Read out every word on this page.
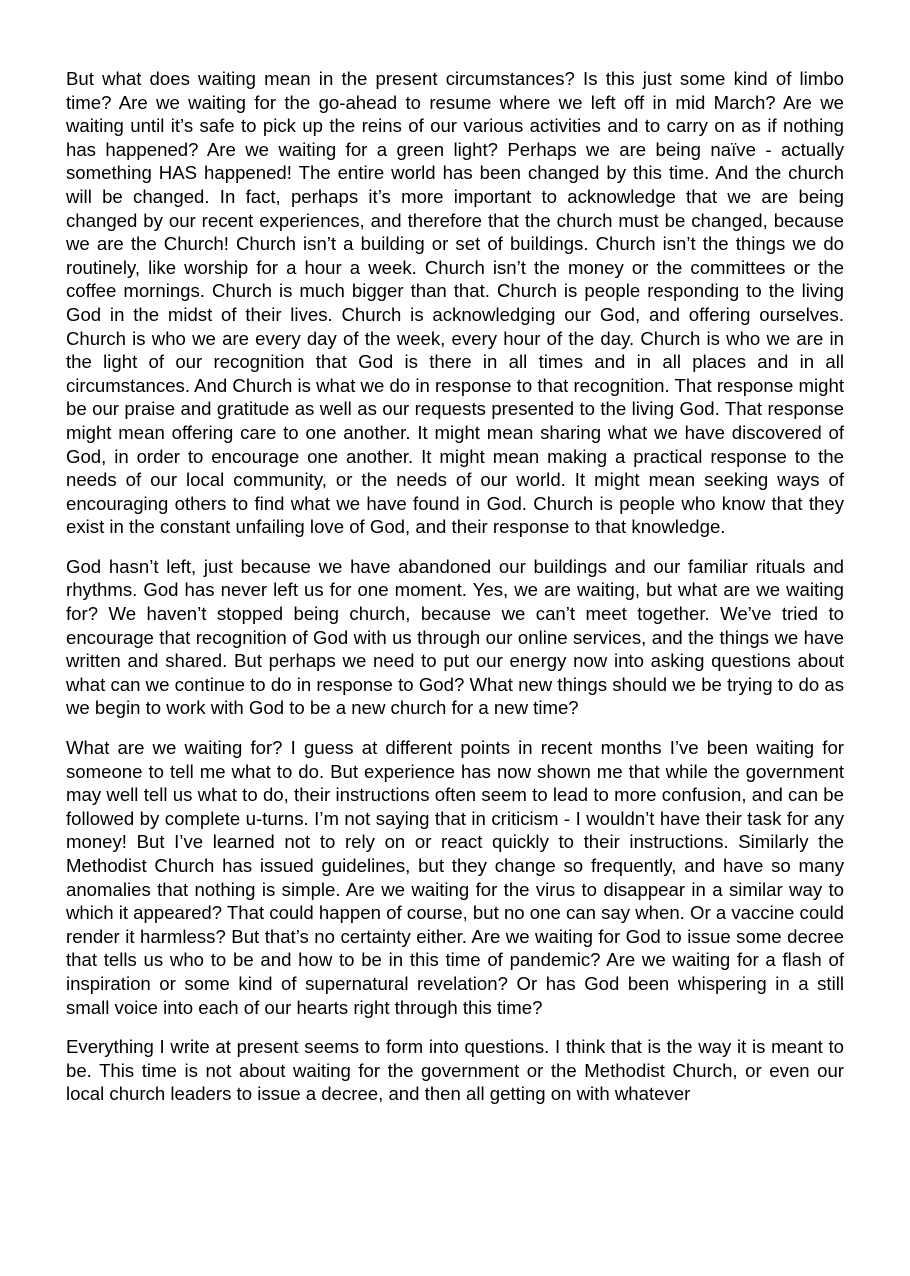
But what does waiting mean in the present circumstances? Is this just some kind of limbo time? Are we waiting for the go-ahead to resume where we left off in mid March? Are we waiting until it’s safe to pick up the reins of our various activities and to carry on as if nothing has happened? Are we waiting for a green light? Perhaps we are being naïve - actually something HAS happened! The entire world has been changed by this time. And the church will be changed. In fact, perhaps it’s more important to acknowledge that we are being changed by our recent experiences, and therefore that the church must be changed, because we are the Church! Church isn’t a building or set of buildings. Church isn’t the things we do routinely, like worship for a hour a week. Church isn’t the money or the committees or the coffee mornings. Church is much bigger than that. Church is people responding to the living God in the midst of their lives. Church is acknowledging our God, and offering ourselves. Church is who we are every day of the week, every hour of the day. Church is who we are in the light of our recognition that God is there in all times and in all places and in all circumstances. And Church is what we do in response to that recognition. That response might be our praise and gratitude as well as our requests presented to the living God. That response might mean offering care to one another. It might mean sharing what we have discovered of God, in order to encourage one another. It might mean making a practical response to the needs of our local community, or the needs of our world. It might mean seeking ways of encouraging others to find what we have found in God. Church is people who know that they exist in the constant unfailing love of God, and their response to that knowledge.

God hasn’t left, just because we have abandoned our buildings and our familiar rituals and rhythms. God has never left us for one moment. Yes, we are waiting, but what are we waiting for? We haven’t stopped being church, because we can’t meet together. We’ve tried to encourage that recognition of God with us through our online services, and the things we have written and shared. But perhaps we need to put our energy now into asking questions about what can we continue to do in response to God? What new things should we be trying to do as we begin to work with God to be a new church for a new time?

What are we waiting for? I guess at different points in recent months I’ve been waiting for someone to tell me what to do. But experience has now shown me that while the government may well tell us what to do, their instructions often seem to lead to more confusion, and can be followed by complete u-turns. I’m not saying that in criticism - I wouldn’t have their task for any money! But I’ve learned not to rely on or react quickly to their instructions. Similarly the Methodist Church has issued guidelines, but they change so frequently, and have so many anomalies that nothing is simple. Are we waiting for the virus to disappear in a similar way to which it appeared? That could happen of course, but no one can say when. Or a vaccine could render it harmless? But that’s no certainty either. Are we waiting for God to issue some decree that tells us who to be and how to be in this time of pandemic? Are we waiting for a flash of inspiration or some kind of supernatural revelation? Or has God been whispering in a still small voice into each of our hearts right through this time?

Everything I write at present seems to form into questions. I think that is the way it is meant to be. This time is not about waiting for the government or the Methodist Church, or even our local church leaders to issue a decree, and then all getting on with whatever
